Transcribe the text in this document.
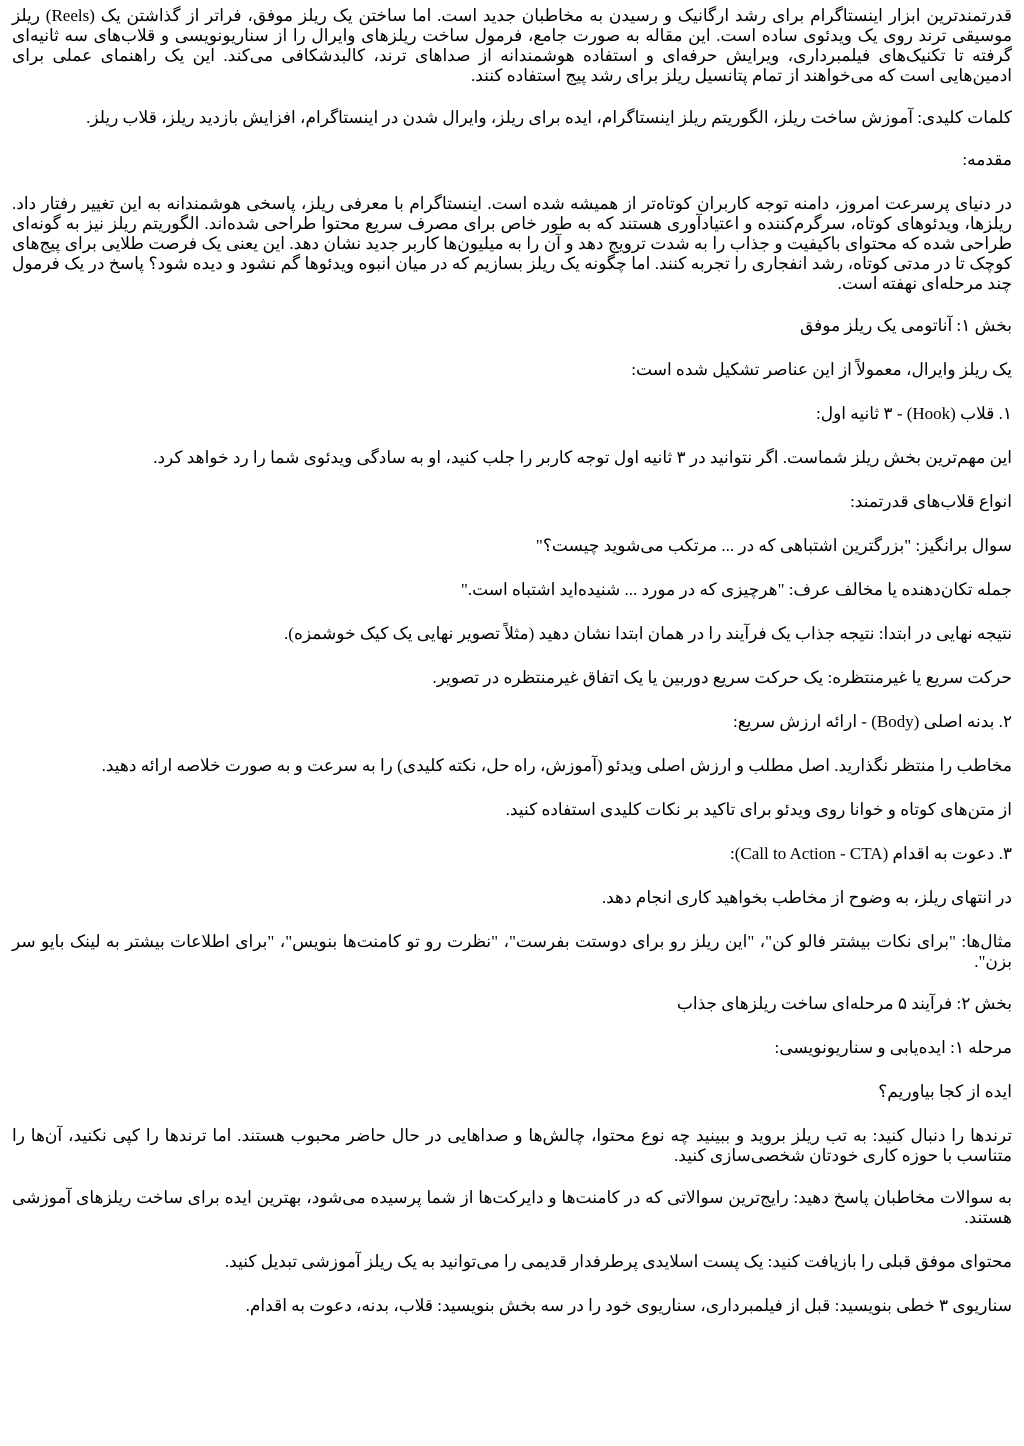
قدرتمندترین ابزار اینستاگرام برای رشد ارگانیک و رسیدن به مخاطبان جدید است. اما ساختن یک ریلز موفق، فراتر از گذاشتن یک (Reels) ریلز موسیقی ترند روی یک ویدئوی ساده است. این مقاله به صورت جامع، فرمول ساخت ریلزهای وایرال را از سناریونویسی و قلاب‌های سه ثانیه‌ای گرفته تا تکنیک‌های فیلمبرداری، ویرایش حرفه‌ای و استفاده هوشمندانه از صداهای ترند، کالبدشکافی می‌کند. این یک راهنمای عملی برای ادمین‌هایی است که می‌خواهند از تمام پتانسیل ریلز برای رشد پیج استفاده کنند.

کلمات کلیدی: آموزش ساخت ریلز، الگوریتم ریلز اینستاگرام، ایده برای ریلز، وایرال شدن در اینستاگرام، افزایش بازدید ریلز، قلاب ریلز.

مقدمه:

در دنیای پرسرعت امروز، دامنه توجه کاربران کوتاه‌تر از همیشه شده است. اینستاگرام با معرفی ریلز، پاسخی هوشمندانه به این تغییر رفتار داد. ریلزها، ویدئوهای کوتاه، سرگرم‌کننده و اعتیادآوری هستند که به طور خاص برای مصرف سریع محتوا طراحی شده‌اند. الگوریتم ریلز نیز به گونه‌ای طراحی شده که محتوای باکیفیت و جذاب را به شدت ترویج دهد و آن را به میلیون‌ها کاربر جدید نشان دهد. این یعنی یک فرصت طلایی برای پیج‌های کوچک تا در مدتی کوتاه، رشد انفجاری را تجربه کنند. اما چگونه یک ریلز بسازیم که در میان انبوه ویدئوها گم نشود و دیده شود؟ پاسخ در یک فرمول چند مرحله‌ای نهفته است.

بخش ۱: آناتومی یک ریلز موفق

یک ریلز وایرال، معمولاً از این عناصر تشکیل شده است:

۱. قلاب (Hook) - ۳ ثانیه اول:

این مهم‌ترین بخش ریلز شماست. اگر نتوانید در ۳ ثانیه اول توجه کاربر را جلب کنید، او به سادگی ویدئوی شما را رد خواهد کرد.

انواع قلاب‌های قدرتمند:

سوال برانگیز: "بزرگترین اشتباهی که در ... مرتکب می‌شوید چیست؟"

جمله تکان‌دهنده یا مخالف عرف: "هرچیزی که در مورد ... شنیده‌اید اشتباه است."

نتیجه نهایی در ابتدا: نتیجه جذاب یک فرآیند را در همان ابتدا نشان دهید (مثلاً تصویر نهایی یک کیک خوشمزه).

حرکت سریع یا غیرمنتظره: یک حرکت سریع دوربین یا یک اتفاق غیرمنتظره در تصویر.

۲. بدنه اصلی (Body) - ارائه ارزش سریع:

مخاطب را منتظر نگذارید. اصل مطلب و ارزش اصلی ویدئو (آموزش، راه حل، نکته کلیدی) را به سرعت و به صورت خلاصه ارائه دهید.

از متن‌های کوتاه و خوانا روی ویدئو برای تاکید بر نکات کلیدی استفاده کنید.

۳. دعوت به اقدام (Call to Action - CTA):

در انتهای ریلز، به وضوح از مخاطب بخواهید کاری انجام دهد.

مثال‌ها: "برای نکات بیشتر فالو کن"، "این ریلز رو برای دوستت بفرست"، "نظرت رو تو کامنت‌ها بنویس"، "برای اطلاعات بیشتر به لینک بایو سر بزن".

بخش ۲: فرآیند ۵ مرحله‌ای ساخت ریلزهای جذاب

مرحله ۱: ایده‌یابی و سناریونویسی:

ایده از کجا بیاوریم؟

ترندها را دنبال کنید: به تب ریلز بروید و ببینید چه نوع محتوا، چالش‌ها و صداهایی در حال حاضر محبوب هستند. اما ترندها را کپی نکنید، آن‌ها را متناسب با حوزه کاری خودتان شخصی‌سازی کنید.

به سوالات مخاطبان پاسخ دهید: رایج‌ترین سوالاتی که در کامنت‌ها و دایرکت‌ها از شما پرسیده می‌شود، بهترین ایده برای ساخت ریلزهای آموزشی هستند.

محتوای موفق قبلی را بازیافت کنید: یک پست اسلایدی پرطرفدار قدیمی را می‌توانید به یک ریلز آموزشی تبدیل کنید.

سناریوی ۳ خطی بنویسید: قبل از فیلمبرداری، سناریوی خود را در سه بخش بنویسید: قلاب، بدنه، دعوت به اقدام.
